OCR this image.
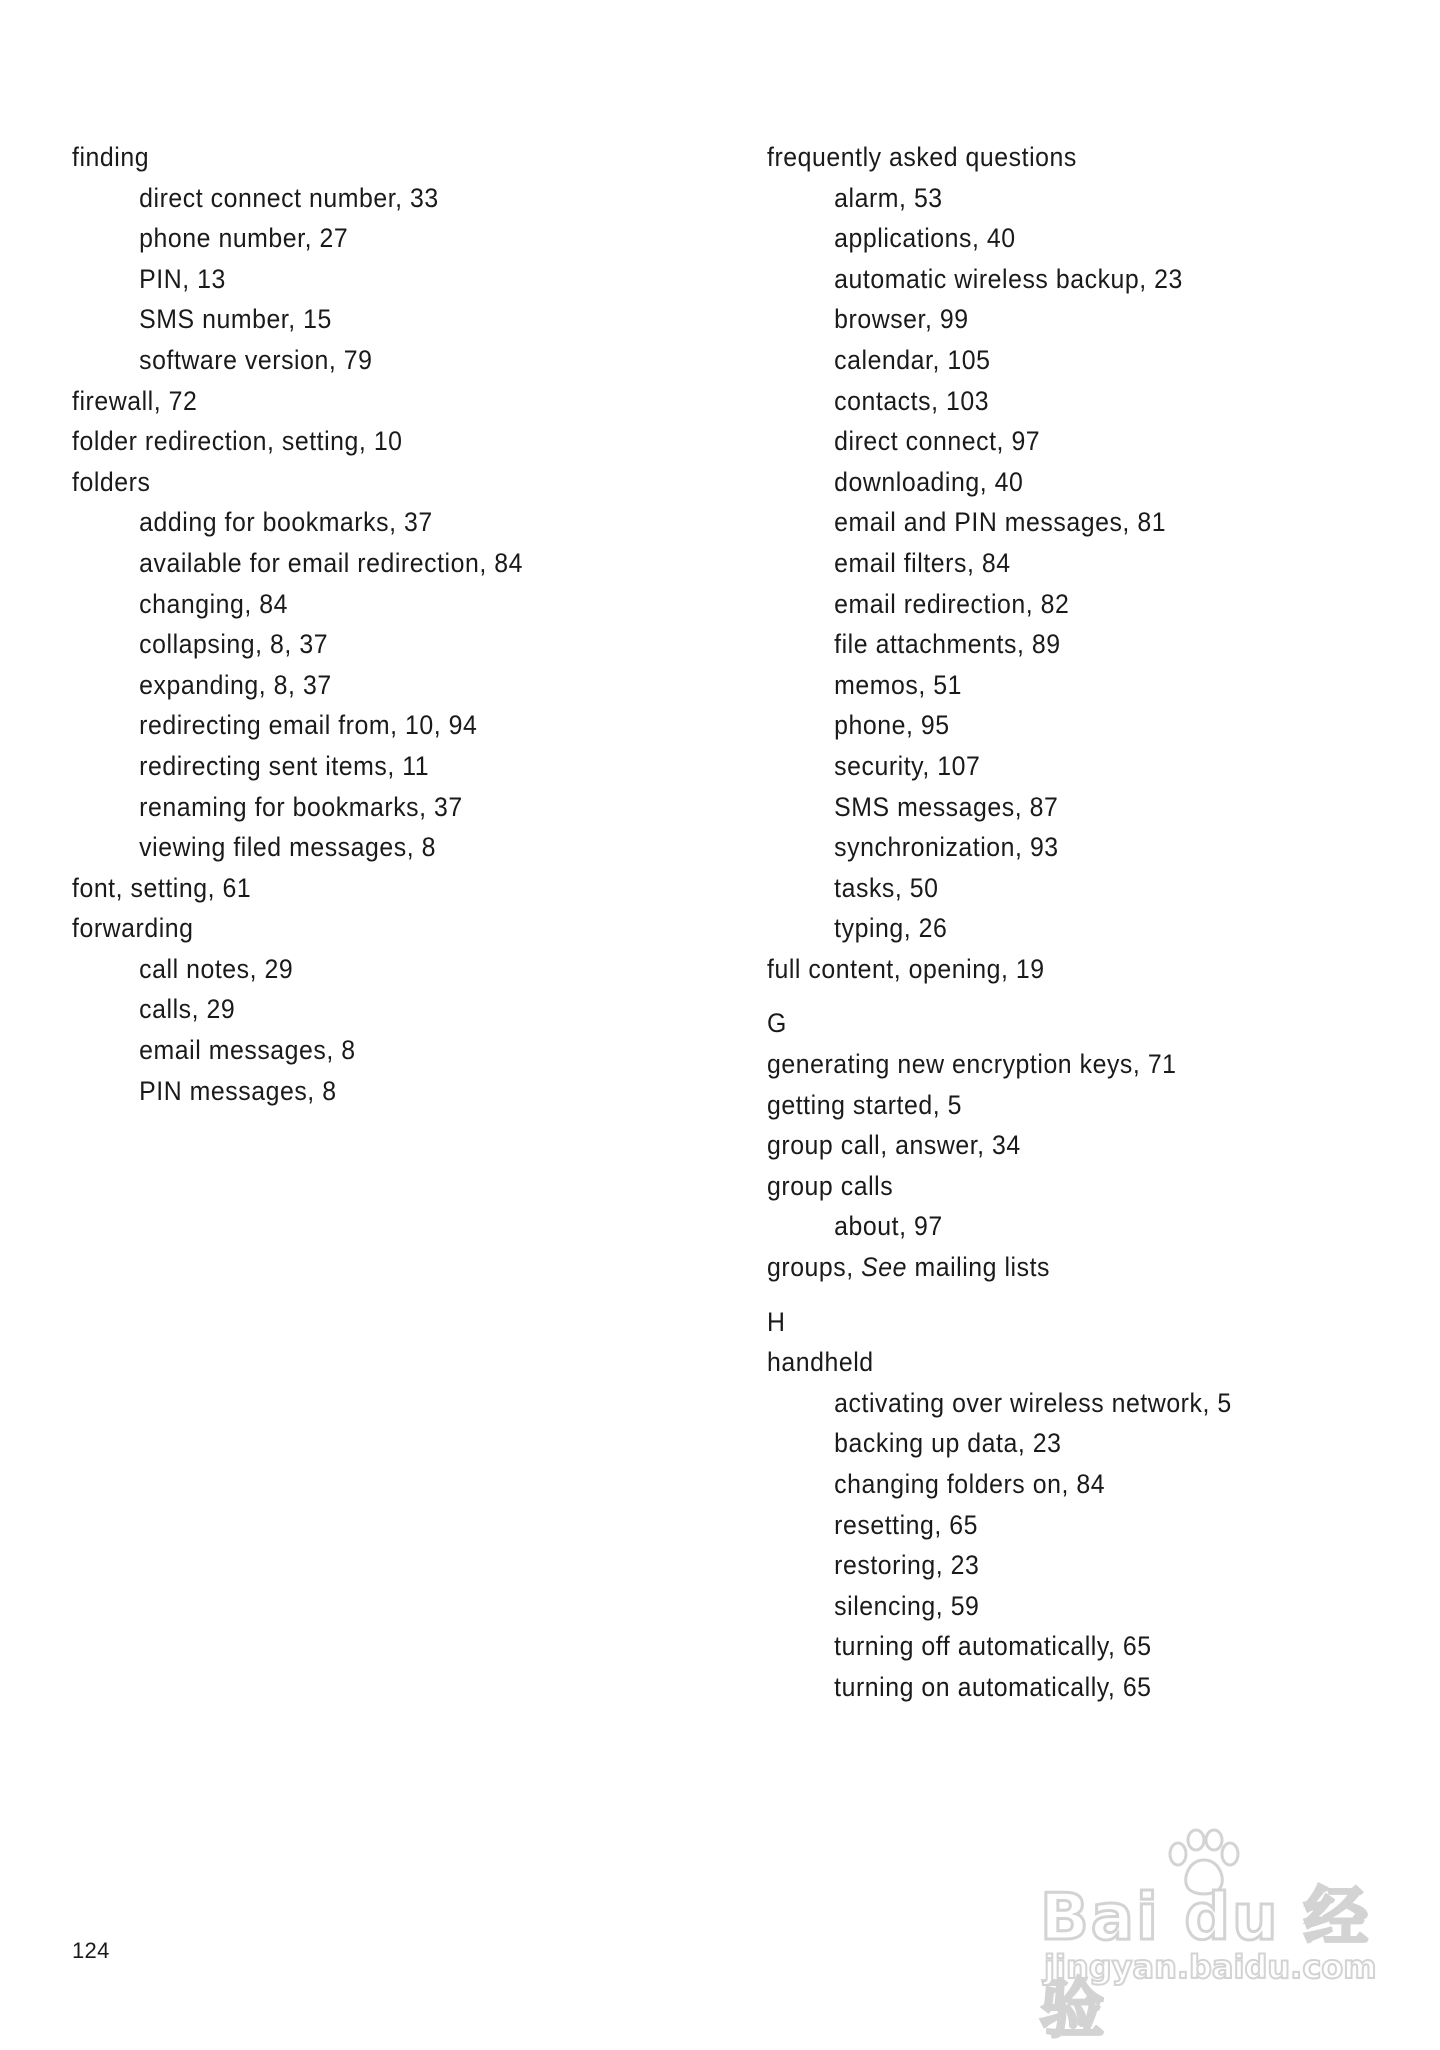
finding
direct connect number, 33
phone number, 27
PIN, 13
SMS number, 15
software version, 79
firewall, 72
folder redirection, setting, 10
folders
adding for bookmarks, 37
available for email redirection, 84
changing, 84
collapsing, 8, 37
expanding, 8, 37
redirecting email from, 10, 94
redirecting sent items, 11
renaming for bookmarks, 37
viewing filed messages, 8
font, setting, 61
forwarding
call notes, 29
calls, 29
email messages, 8
PIN messages, 8
frequently asked questions
alarm, 53
applications, 40
automatic wireless backup, 23
browser, 99
calendar, 105
contacts, 103
direct connect, 97
downloading, 40
email and PIN messages, 81
email filters, 84
email redirection, 82
file attachments, 89
memos, 51
phone, 95
security, 107
SMS messages, 87
synchronization, 93
tasks, 50
typing, 26
full content, opening, 19
G
generating new encryption keys, 71
getting started, 5
group call, answer, 34
group calls
about, 97
groups, See mailing lists
H
handheld
activating over wireless network, 5
backing up data, 23
changing folders on, 84
resetting, 65
restoring, 23
silencing, 59
turning off automatically, 65
turning on automatically, 65
124	Bai du 经验
jingyan.baidu.com
